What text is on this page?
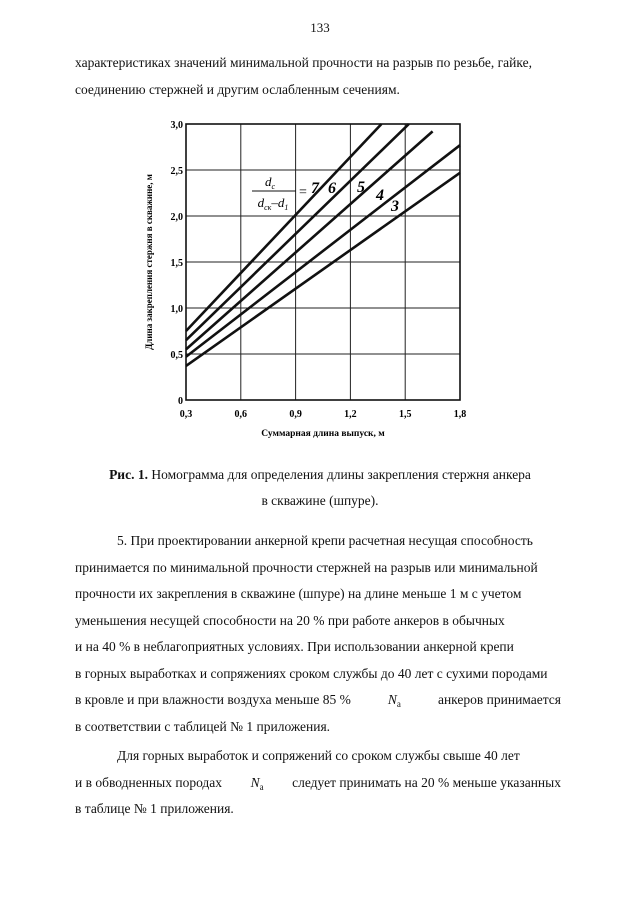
133

характеристиках значений минимальной прочности на разрыв по резьбе, гайке,

соединению стержней и другим ослабленным сечениям.

0,3	0,6	0,9	1,2	1,5	1,8
0
0,5
1,0
1,5
2,0
2,5
3,0
Суммарная длина выпуск, м
Длина закрепления стержня в скважине, м	$d_c$
$d_{ск}-d_1$
= 7 6 5 4
3
Рис. 1. Номограмма для определения длины закрепления стержня анкера
в скважине (шпуре).

5. При проектировании анкерной крепи расчетная несущая способность

принимается по минимальной прочности стержней на разрыв или минимальной

прочности их закрепления в скважине (шпуре) на длине меньше 1 м с учетом

уменьшения несущей способности на 20 % при работе анкеров в обычных

и на 40 % в неблагоприятных условиях. При использовании анкерной крепи

в горных выработках и сопряжениях сроком службы до 40 лет с сухими породами

в кровле и при влажности воздуха меньше 85 %	$N_а$	анкеров принимается

в соответствии с таблицей № 1 приложения.

Для горных выработок и сопряжений со сроком службы свыше 40 лет

и в обводненных породах $N_а$ следует принимать на 20 % меньше указанных

в таблице № 1 приложения.
